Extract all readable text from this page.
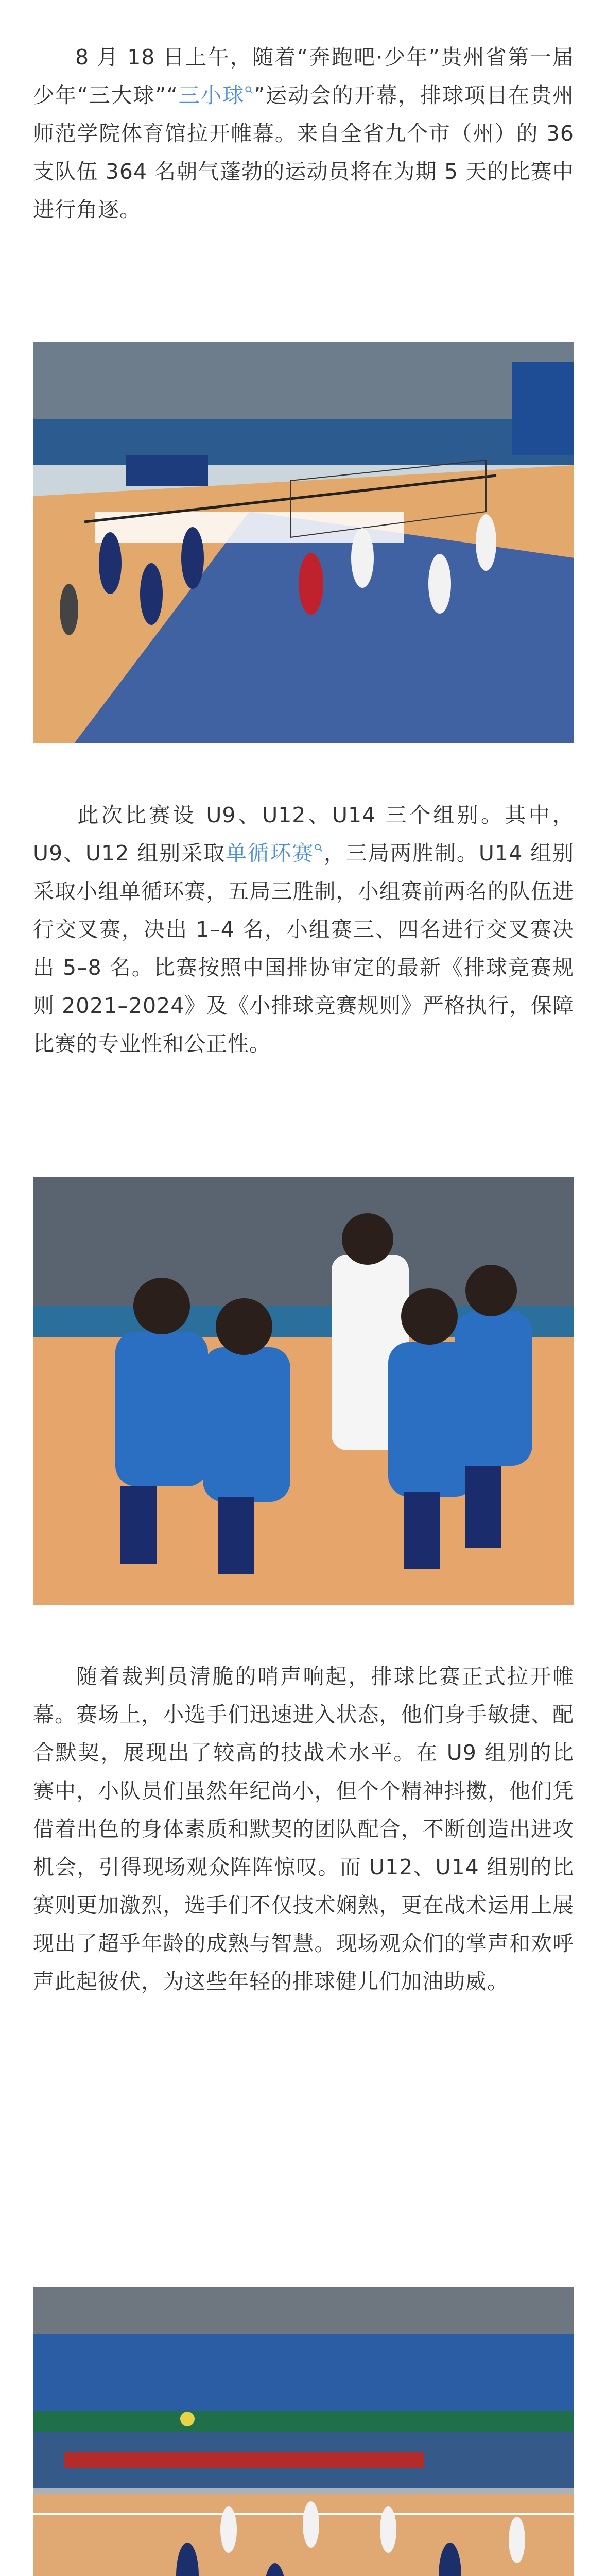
8 月 18 日上午，随着“奔跑吧·少年”贵州省第一届少年“三大球”“三小球 ”运动会的开幕，排球项目在贵州师范学院体育馆拉开帷幕。来自全省九个市（州）的 36 支队伍 364 名朝气蓬勃的运动员将在为期 5 天的比赛中进行角逐。

此次比赛设 U9、U12、U14 三个组别。其中，U9、U12 组别采取单循环赛 ，三局两胜制。U14 组别采取小组单循环赛，五局三胜制，小组赛前两名的队伍进行交叉赛，决出 1–4 名，小组赛三、四名进行交叉赛决出 5–8 名。比赛按照中国排协审定的最新《排球竞赛规则 2021–2024》及《小排球竞赛规则》严格执行，保障比赛的专业性和公正性。

随着裁判员清脆的哨声响起，排球比赛正式拉开帷幕。赛场上，小选手们迅速进入状态，他们身手敏捷、配合默契，展现出了较高的技战术水平。在 U9 组别的比赛中，小队员们虽然年纪尚小，但个个精神抖擞，他们凭借着出色的身体素质和默契的团队配合，不断创造出进攻机会，引得现场观众阵阵惊叹。而 U12、U14 组别的比赛则更加激烈，选手们不仅技术娴熟，更在战术运用上展现出了超乎年龄的成熟与智慧。现场观众们的掌声和欢呼声此起彼伏，为这些年轻的排球健儿们加油助威。
